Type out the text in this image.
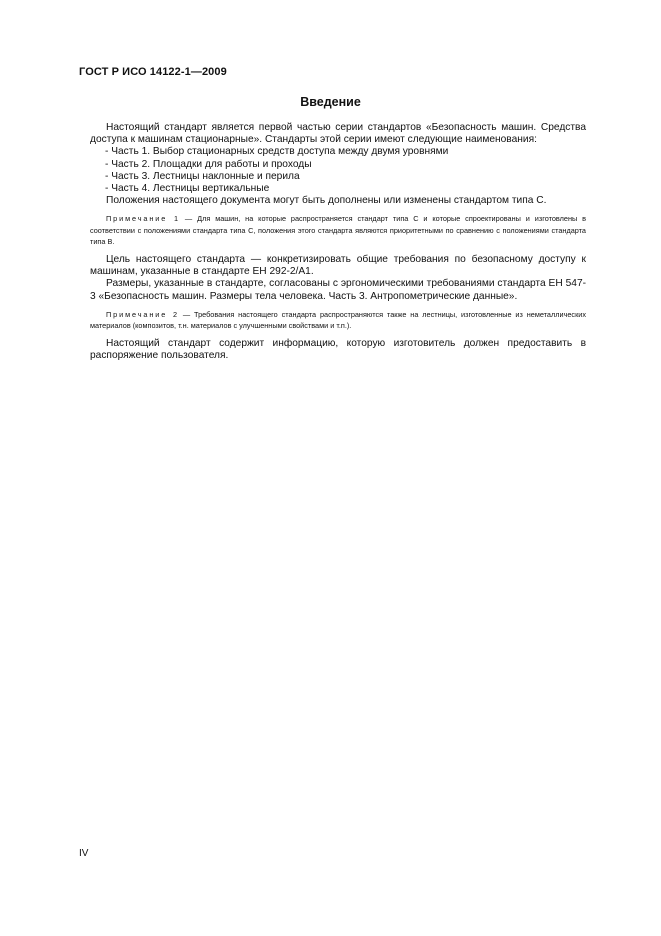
ГОСТ Р ИСО 14122-1—2009
Введение

Настоящий стандарт является первой частью серии стандартов «Безопасность машин. Средства доступа к машинам стационарные». Стандарты этой серии имеют следующие наименования:

- Часть 1. Выбор стационарных средств доступа между двумя уровнями

- Часть 2. Площадки для работы и проходы

- Часть 3. Лестницы наклонные и перила

- Часть 4. Лестницы вертикальные

Положения настоящего документа могут быть дополнены или изменены стандартом типа С.

Примечание 1 — Для машин, на которые распространяется стандарт типа С и которые спроектированы и изготовлены в соответствии с положениями стандарта типа С, положения этого стандарта являются приоритетными по сравнению с положениями стандарта типа В.

Цель настоящего стандарта — конкретизировать общие требования по безопасному доступу к машинам, указанные в стандарте ЕН 292-2/А1.

Размеры, указанные в стандарте, согласованы с эргономическими требованиями стандарта ЕН 547-3 «Безопасность машин. Размеры тела человека. Часть 3. Антропометрические данные».

Примечание 2 — Требования настоящего стандарта распространяются также на лестницы, изготовленные из неметаллических материалов (композитов, т.н. материалов с улучшенными свойствами и т.п.).

Настоящий стандарт содержит информацию, которую изготовитель должен предоставить в распоряжение пользователя.

IV
